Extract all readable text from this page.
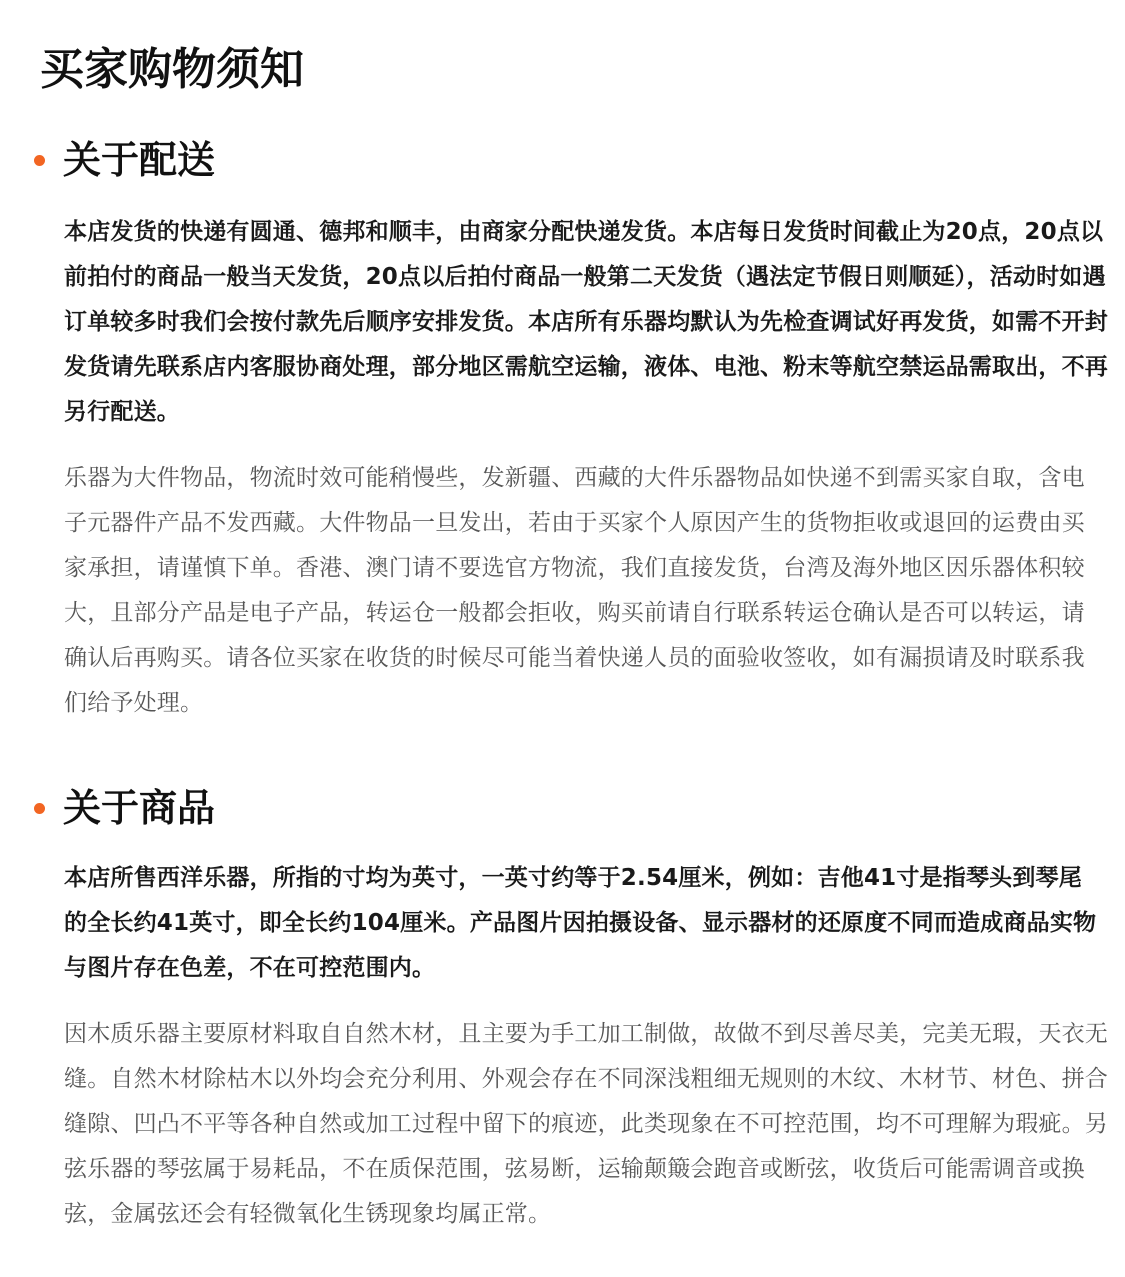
买家购物须知
关于配送

本店发货的快递有圆通、德邦和顺丰，由商家分配快递发货。本店每日发货时间截止为20点，20点以前拍付的商品一般当天发货，20点以后拍付商品一般第二天发货（遇法定节假日则顺延），活动时如遇订单较多时我们会按付款先后顺序安排发货。本店所有乐器均默认为先检查调试好再发货，如需不开封发货请先联系店内客服协商处理，部分地区需航空运输，液体、电池、粉末等航空禁运品需取出，不再另行配送。

乐器为大件物品，物流时效可能稍慢些，发新疆、西藏的大件乐器物品如快递不到需买家自取，含电子元器件产品不发西藏。大件物品一旦发出，若由于买家个人原因产生的货物拒收或退回的运费由买家承担，请谨慎下单。香港、澳门请不要选官方物流，我们直接发货，台湾及海外地区因乐器体积较大，且部分产品是电子产品，转运仓一般都会拒收，购买前请自行联系转运仓确认是否可以转运，请确认后再购买。请各位买家在收货的时候尽可能当着快递人员的面验收签收，如有漏损请及时联系我们给予处理。

关于商品

本店所售西洋乐器，所指的寸均为英寸，一英寸约等于2.54厘米，例如：吉他41寸是指琴头到琴尾的全长约41英寸，即全长约104厘米。产品图片因拍摄设备、显示器材的还原度不同而造成商品实物与图片存在色差，不在可控范围内。

因木质乐器主要原材料取自自然木材，且主要为手工加工制做，故做不到尽善尽美，完美无瑕，天衣无缝。自然木材除枯木以外均会充分利用、外观会存在不同深浅粗细无规则的木纹、木材节、材色、拼合缝隙、凹凸不平等各种自然或加工过程中留下的痕迹，此类现象在不可控范围，均不可理解为瑕疵。另弦乐器的琴弦属于易耗品，不在质保范围，弦易断，运输颠簸会跑音或断弦，收货后可能需调音或换弦，金属弦还会有轻微氧化生锈现象均属正常。
